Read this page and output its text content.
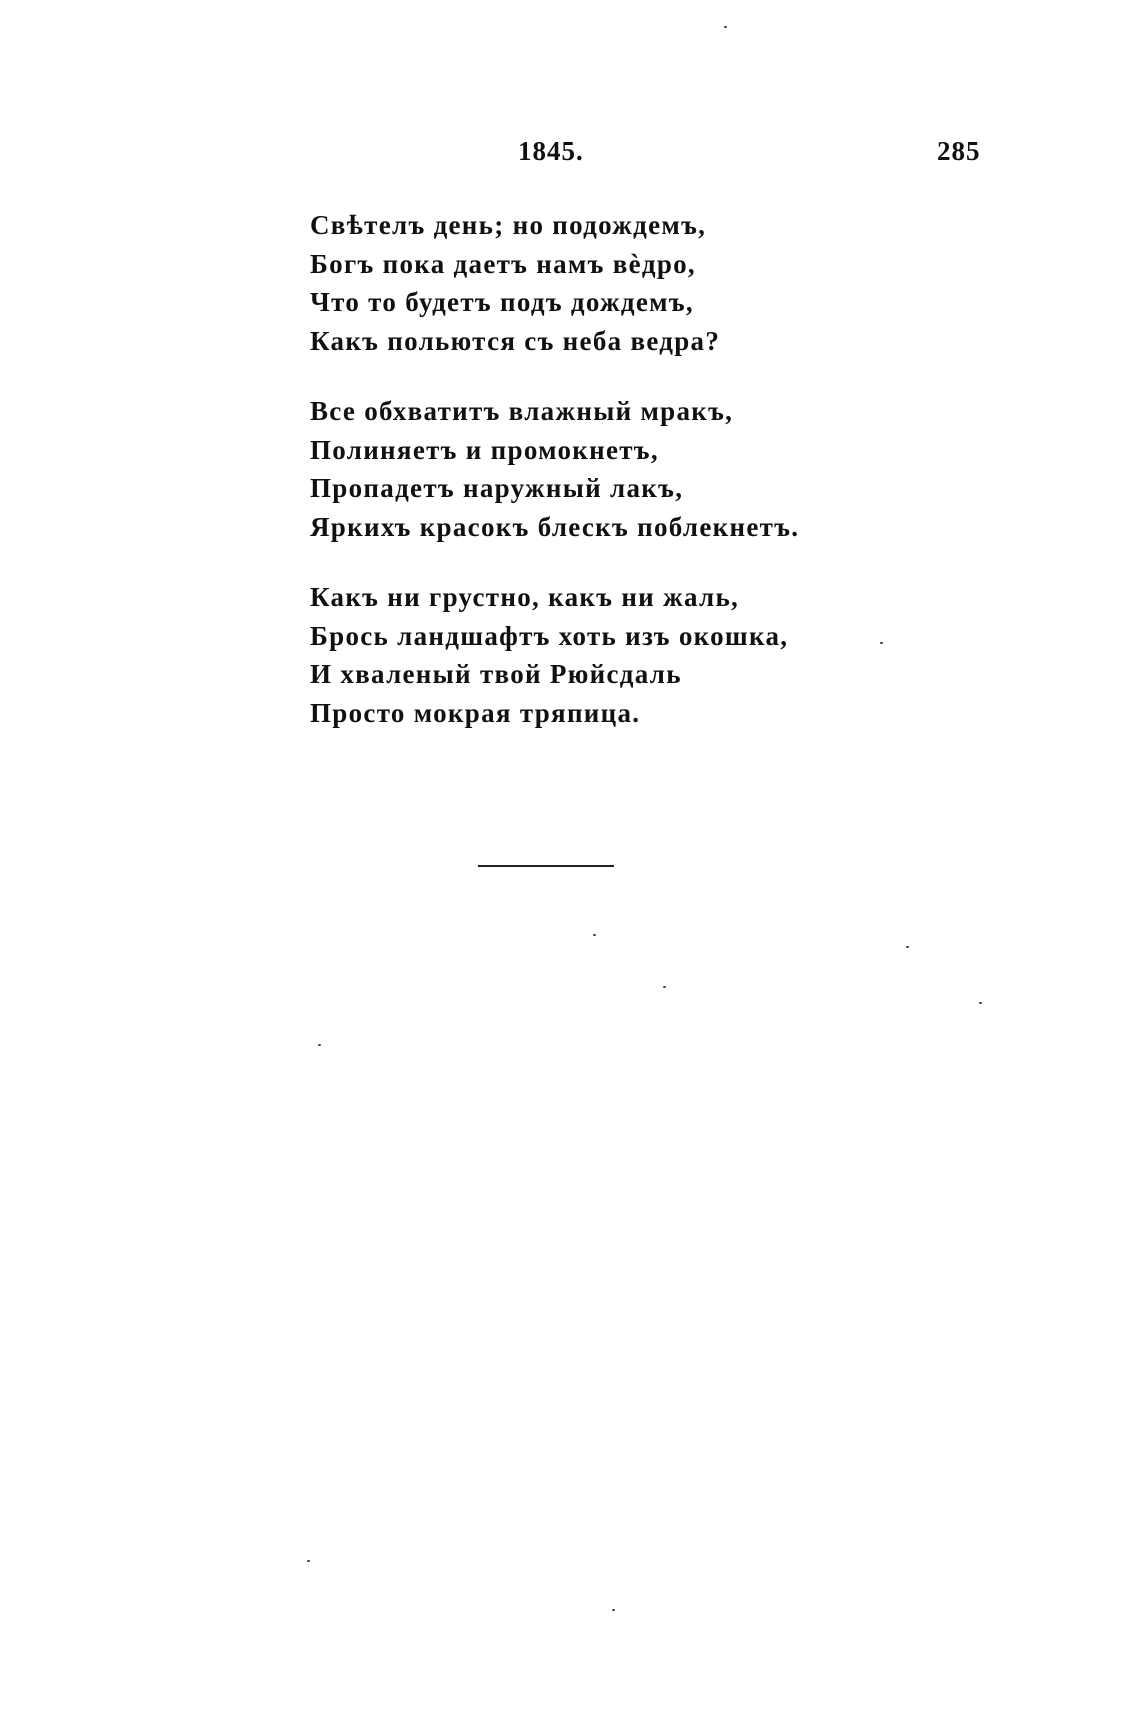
1845.	285
Свѣтелъ день; но подождемъ,
Богъ пока даетъ намъ вѐдро,
Что то будетъ подъ дождемъ,
Какъ польются съ неба ведра?
Все обхватитъ влажный мракъ,
Полиняетъ и промокнетъ,
Пропадетъ наружный лакъ,
Яркихъ красокъ блескъ поблекнетъ.
Какъ ни грустно, какъ ни жаль,
Брось ландшафтъ хоть изъ окошка,
И хваленый твой Рюйсдаль
Просто мокрая тряпица.
